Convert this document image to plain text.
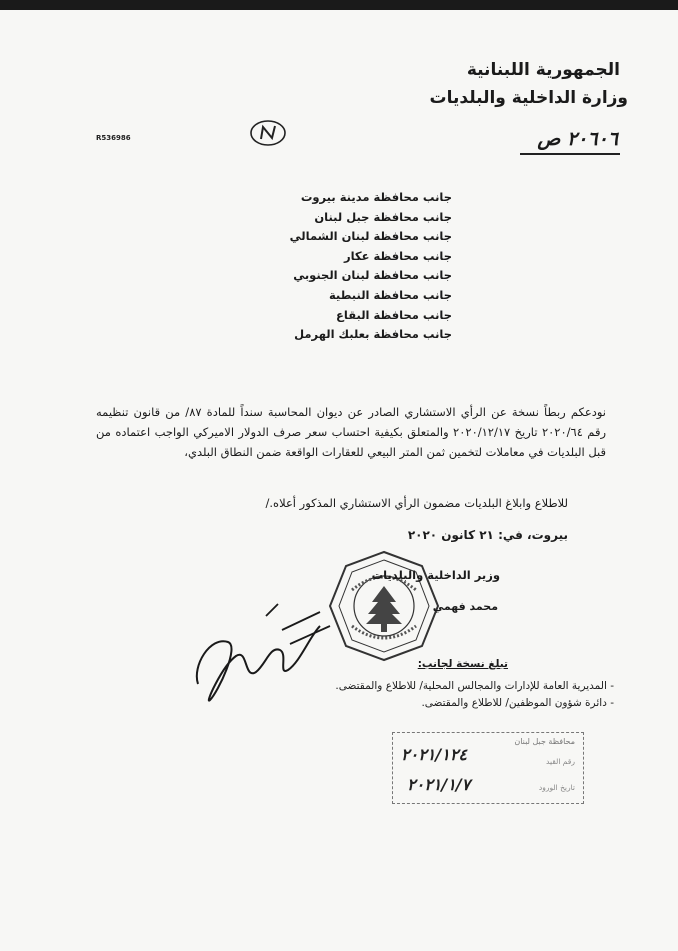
الجمهورية اللبنانية
وزارة الداخلية والبلديات
R536986	٢٠٦٠٦ ص
جانب محافظة مدينة بيروت
جانب محافظة جبل لبنان
جانب محافظة لبنان الشمالي
جانب محافظة عكار
جانب محافظة لبنان الجنوبي
جانب محافظة النبطية
جانب محافظة البقاع
جانب محافظة بعلبك الهرمل

نودعكم ربطاً نسخة عن الرأي الاستشاري الصادر عن ديوان المحاسبة سنداً للمادة ٨٧/ من قانون تنظيمه رقم ٢٠٢٠/٦٤ تاريخ ٢٠٢٠/١٢/١٧ والمتعلق بكيفية احتساب سعر صرف الدولار الاميركي الواجب اعتماده من قبل البلديات في معاملات لتخمين ثمن المتر البيعي للعقارات الواقعة ضمن النطاق البلدي،

للاطلاع وابلاغ البلديات مضمون الرأي الاستشاري المذكور أعلاه./
بيروت، في: ٢١ كانون ٢٠٢٠
وزير الداخلية والبلديات
محمد فهمي
تبلغ نسخة لجانب:
- المديرية العامة للإدارات والمجالس المحلية/ للاطلاع والمقتضى.
- دائرة شؤون الموظفين/ للاطلاع والمقتضى.
محافظة جبل لبنان
رقم القيد
تاريخ الورود
٢٠٢١/١٢٤
٢٠٢١/١/٧
